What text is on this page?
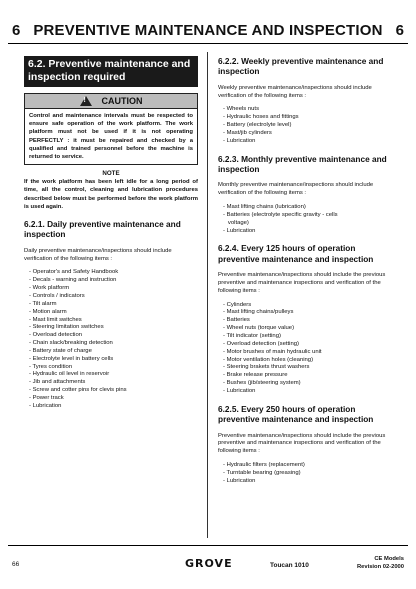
6 PREVENTIVE MAINTENANCE AND INSPECTION 6
6.2. Preventive maintenance and inspection required
!
CAUTION
Control and maintenance intervals must be respected to ensure safe operation of the work platform. The work platform must not be used if it is not operating PERFECTLY : it must be repaired and checked by a qualified and trained personnel before the machine is returned to service.
NOTE
If the work platform has been left idle for a long period of time, all the control, cleaning and lubrication procedures described below must be performed before the work platform is used again.
6.2.1. Daily preventive maintenance and inspection
Daily preventive maintenance/inspections should include verification of the following items :
- Operator's and Safety Handbook
- Decals - warning and instruction
- Work platform
- Controls / indicators
- Tilt alarm
- Motion alarm
- Mast limit switches
- Steering limitation switches
- Overload detection
- Chain slack/breaking detection
- Battery state of charge
- Electrolyte level in battery cells
- Tyres condition
- Hydraulic oil level in reservoir
- Jib and attachments
- Screw and cotter pins for clevis pins
- Power track
- Lubrication
6.2.2. Weekly preventive maintenance and inspection
Weekly preventive maintenance/inspections should include verification of the following items :
- Wheels nuts
- Hydraulic hoses and fittings
- Battery (electrolyte level)
- Mast/jib cylinders
- Lubrication
6.2.3. Monthly preventive maintenance and inspection
Monthly preventive maintenance/inspections should include verification of the following items :
- Mast lifting chains (lubrication)
- Batteries (electrolyte specific gravity - cells
voltage)
- Lubrication
6.2.4. Every 125 hours of operation preventive maintenance and inspection
Preventive maintenance/inspections should include the previous preventive and maintenance inspections and verification of the following items :
- Cylinders
- Mast lifting chains/pulleys
- Batteries
- Wheel nuts (torque value)
- Tilt indicator (setting)
- Overload detection (setting)
- Motor brushes of main hydraulic unit
- Motor ventilation holes (cleaning)
- Steering brakets thrust washers
- Brake release pressure
- Bushes (jib/steering system)
- Lubrication
6.2.5. Every 250 hours of operation preventive maintenance and inspection
Preventive maintenance/inspections should include the previous preventive and maintenance inspections and verification of the following items :
- Hydraulic filters (replacement)
- Turntable bearing (greasing)
- Lubrication
66	GROVE	Toucan 1010
CE Models
Revision 02-2000
